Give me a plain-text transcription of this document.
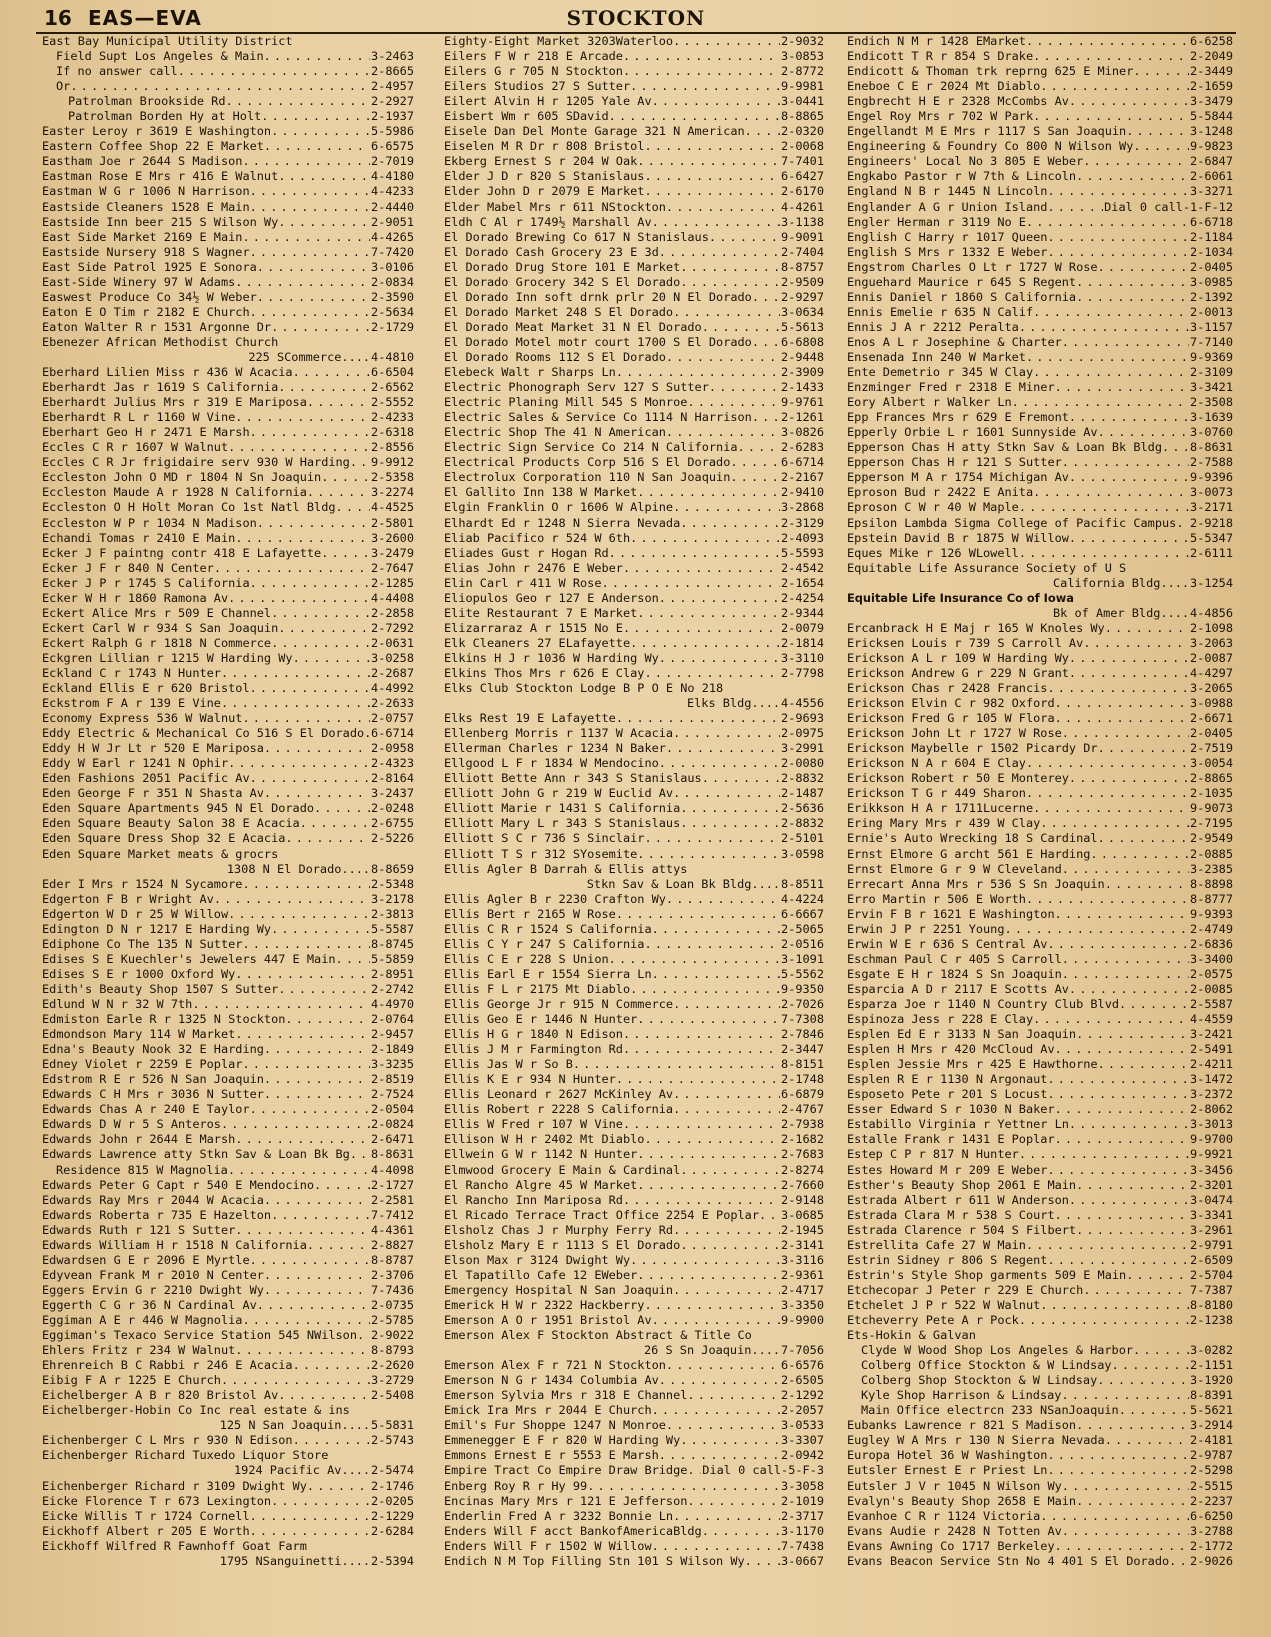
16 EAS—EVA	STOCKTON
East Bay Municipal Utility District
Field Supt Los Angeles & Main . . .	3-2463
If no answer call . . .	2-8665
Or . . .	2-4957
Patrolman Brookside Rd . . .	2-2927
Patrolman Borden Hy at Holt . . .	2-1937
Easter Leroy r 3619 E Washington . . .	5-5986
Eastern Coffee Shop 22 E Market . . .	6-6575
Eastham Joe r 2644 S Madison . . .	2-7019
Eastman Rose E Mrs r 416 E Walnut . . .	4-4180
Eastman W G r 1006 N Harrison . . .	4-4233
Eastside Cleaners 1528 E Main . . .	2-4440
Eastside Inn beer 215 S Wilson Wy . . .	2-9051
East Side Market 2169 E Main . . .	4-4265
Eastside Nursery 918 S Wagner . . .	7-7420
East Side Patrol 1925 E Sonora . . .	3-0106
East-Side Winery 97 W Adams . . .	2-0834
Easwest Produce Co 34½ W Weber . . .	2-3590
Eaton E O Tim r 2182 E Church . . .	2-5634
Eaton Walter R r 1531 Argonne Dr . . .	2-1729
Ebenezer African Methodist Church
225 SCommerce .... 4-4810
Eberhard Lilien Miss r 436 W Acacia . . .	6-6504
Eberhardt Jas r 1619 S California . . .	2-6562
Eberhardt Julius Mrs r 319 E Mariposa . . .	2-5552
Eberhardt R L r 1160 W Vine . . .	2-4233
Eberhart Geo H r 2471 E Marsh . . .	2-6318
Eccles C R r 1607 W Walnut . . .	2-8556
Eccles C R Jr frigidaire serv 930 W Harding . . . 9-9912
Eccleston John O MD r 1804 N Sn Joaquin . . .	2-5358
Eccleston Maude A r 1928 N California . . .	3-2274
Eccleston O H Holt Moran Co 1st Natl Bldg . . .	4-4525
Eccleston W P r 1034 N Madison . . .	2-5801
Echandi Tomas r 2410 E Main . . .	3-2600
Ecker J F paintng contr 418 E Lafayette . . .	3-2479
Ecker J F r 840 N Center . . .	2-7647
Ecker J P r 1745 S California . . .	2-1285
Ecker W H r 1860 Ramona Av . . .	4-4408
Eckert Alice Mrs r 509 E Channel . . .	2-2858
Eckert Carl W r 934 S San Joaquin . . .	2-7292
Eckert Ralph G r 1818 N Commerce . . .	2-0631
Eckgren Lillian r 1215 W Harding Wy . . .	3-0258
Eckland C r 1743 N Hunter . . .	2-2687
Eckland Ellis E r 620 Bristol . . .	4-4992
Eckstrom F A r 139 E Vine . . .	2-2633
Economy Express 536 W Walnut . . .	2-0757
Eddy Electric & Mechanical Co 516 S El Dorado . . . 6-6714
Eddy H W Jr Lt r 520 E Mariposa . . .	2-0958
Eddy W Earl r 1241 N Ophir . . .	2-4323
Eden Fashions 2051 Pacific Av . . .	2-8164
Eden George F r 351 N Shasta Av . . .	3-2437
Eden Square Apartments 945 N El Dorado . . .	2-0248
Eden Square Beauty Salon 38 E Acacia . . .	2-6755
Eden Square Dress Shop 32 E Acacia . . .	2-5226
Eden Square Market meats & grocrs
1308 N El Dorado .... 8-8659
Eder I Mrs r 1524 N Sycamore . . .	2-5348
Edgerton F B r Wright Av . . .	3-2178
Edgerton W D r 25 W Willow . . .	2-3813
Edington D N r 1217 E Harding Wy . . .	5-5587
Ediphone Co The 135 N Sutter . . .	8-8745
Edises S E Kuechler's Jewelers 447 E Main . . .	5-5859
Edises S E r 1000 Oxford Wy . . .	2-8951
Edith's Beauty Shop 1507 S Sutter . . .	2-2742
Edlund W N r 32 W 7th . . .	4-4970
Edmiston Earle R r 1325 N Stockton . . .	2-0764
Edmondson Mary 114 W Market . . .	2-9457
Edna's Beauty Nook 32 E Harding . . .	2-1849
Edney Violet r 2259 E Poplar . . .	3-3235
Edstrom R E r 526 N San Joaquin . . .	2-8519
Edwards C H Mrs r 3036 N Sutter . . .	2-7524
Edwards Chas A r 240 E Taylor . . .	2-0504
Edwards D W r 5 S Anteros . . .	2-0824
Edwards John r 2644 E Marsh . . .	2-6471
Edwards Lawrence atty Stkn Sav & Loan Bk Bg . . . 8-8631
Residence 815 W Magnolia . . .	4-4098
Edwards Peter G Capt r 540 E Mendocino . . .	2-1727
Edwards Ray Mrs r 2044 W Acacia . . .	2-2581
Edwards Roberta r 735 E Hazelton . . .	7-7412
Edwards Ruth r 121 S Sutter . . .	4-4361
Edwards William H r 1518 N California . . .	2-8827
Edwardsen G E r 2096 E Myrtle . . .	8-8787
Edyvean Frank M r 2010 N Center . . .	2-3706
Eggers Ervin G r 2210 Dwight Wy . . .	7-7436
Eggerth C G r 36 N Cardinal Av . . .	2-0735
Eggiman A E r 446 W Magnolia . . .	2-5785
Eggiman's Texaco Service Station 545 NWilson . . . 2-9022
Ehlers Fritz r 234 W Walnut . . .	8-8793
Ehrenreich B C Rabbi r 246 E Acacia . . .	2-2620
Eibig F A r 1225 E Church . . .	3-2729
Eichelberger A B r 820 Bristol Av . . .	2-5408
Eichelberger-Hobin Co Inc real estate & ins
125 N San Joaquin .... 5-5831
Eichenberger C L Mrs r 930 N Edison . . .	2-5743
Eichenberger Richard Tuxedo Liquor Store
1924 Pacific Av .... 2-5474
Eichenberger Richard r 3109 Dwight Wy . . .	2-1746
Eicke Florence T r 673 Lexington . . .	2-0205
Eicke Willis T r 1724 Cornell . . .	2-1229
Eickhoff Albert r 205 E Worth . . .	2-6284
Eickhoff Wilfred R Fawnhoff Goat Farm
1795 NSanguinetti .... 2-5394
Eighty-Eight Market 3203Waterloo . . .	2-9032
Eilers F W r 218 E Arcade . . .	3-0853
Eilers G r 705 N Stockton . . .	2-8772
Eilers Studios 27 S Sutter . . .	9-9981
Eilert Alvin H r 1205 Yale Av . . .	3-0441
Eisbert Wm r 605 SDavid . . .	8-8865
Eisele Dan Del Monte Garage 321 N American . . .	2-0320
Eiselen M R Dr r 808 Bristol . . .	2-0068
Ekberg Ernest S r 204 W Oak . . .	7-7401
Elder J D r 820 S Stanislaus . . .	6-6427
Elder John D r 2079 E Market . . .	2-6170
Elder Mabel Mrs r 611 NStockton . . .	4-4261
Eldh C Al r 1749½ Marshall Av . . .	3-1138
El Dorado Brewing Co 617 N Stanislaus . . .	9-9091
El Dorado Cash Grocery 23 E 3d . . .	2-7404
El Dorado Drug Store 101 E Market . . .	8-8757
El Dorado Grocery 342 S El Dorado . . .	2-9509
El Dorado Inn soft drnk prlr 20 N El Dorado . . . 2-9297
El Dorado Market 248 S El Dorado . . .	3-0634
El Dorado Meat Market 31 N El Dorado . . .	5-5613
El Dorado Motel motr court 1700 S El Dorado . . . 6-6808
El Dorado Rooms 112 S El Dorado . . .	2-9448
Elebeck Walt r Sharps Ln . . .	2-3909
Electric Phonograph Serv 127 S Sutter . . .	2-1433
Electric Planing Mill 545 S Monroe . . .	9-9761
Electric Sales & Service Co 1114 N Harrison . . . 2-1261
Electric Shop The 41 N American . . .	3-0826
Electric Sign Service Co 214 N California . . .	2-6283
Electrical Products Corp 516 S El Dorado . . .	6-6714
Electrolux Corporation 110 N San Joaquin . . .	2-2167
El Gallito Inn 138 W Market . . .	2-9410
Elgin Franklin O r 1606 W Alpine . . .	3-2868
Elhardt Ed r 1248 N Sierra Nevada . . .	2-3129
Eliab Pacifico r 524 W 6th . . .	2-4093
Eliades Gust r Hogan Rd . . .	5-5593
Elias John r 2476 E Weber . . .	2-4542
Elin Carl r 411 W Rose . . .	2-1654
Eliopulos Geo r 127 E Anderson . . .	2-4254
Elite Restaurant 7 E Market . . .	2-9344
Elizarraraz A r 1515 No E . . .	2-0079
Elk Cleaners 27 ELafayette . . .	2-1814
Elkins H J r 1036 W Harding Wy . . .	3-3110
Elkins Thos Mrs r 626 E Clay . . .	2-7798
Elks Club Stockton Lodge B P O E No 218
Elks Bldg .... 4-4556
Elks Rest 19 E Lafayette . . .	2-9693
Ellenberg Morris r 1137 W Acacia . . .	2-0975
Ellerman Charles r 1234 N Baker . . .	3-2991
Ellgood L F r 1834 W Mendocino . . .	2-0080
Elliott Bette Ann r 343 S Stanislaus . . .	2-8832
Elliott John G r 219 W Euclid Av . . .	2-1487
Elliott Marie r 1431 S California . . .	2-5636
Elliott Mary L r 343 S Stanislaus . . .	2-8832
Elliott S C r 736 S Sinclair . . .	2-5101
Elliott T S r 312 SYosemite . . .	3-0598
Ellis Agler B Darrah & Ellis attys
Stkn Sav & Loan Bk Bldg .... 8-8511
Ellis Agler B r 2230 Crafton Wy . . .	4-4224
Ellis Bert r 2165 W Rose . . .	6-6667
Ellis C R r 1524 S California . . .	2-5065
Ellis C Y r 247 S California . . .	2-0516
Ellis C E r 228 S Union . . .	3-1091
Ellis Earl E r 1554 Sierra Ln . . .	5-5562
Ellis F L r 2175 Mt Diablo . . .	9-9350
Ellis George Jr r 915 N Commerce . . .	2-7026
Ellis Geo E r 1446 N Hunter . . .	7-7308
Ellis H G r 1840 N Edison . . .	2-7846
Ellis J M r Farmington Rd . . .	2-3447
Ellis Jas W r So B . . .	8-8151
Ellis K E r 934 N Hunter . . .	2-1748
Ellis Leonard r 2627 McKinley Av . . .	6-6879
Ellis Robert r 2228 S California . . .	2-4767
Ellis W Fred r 107 W Vine . . .	2-7938
Ellison W H r 2402 Mt Diablo . . .	2-1682
Ellwein G W r 1142 N Hunter . . .	2-7683
Elmwood Grocery E Main & Cardinal . . .	2-8274
El Rancho Algre 45 W Market . . .	2-7660
El Rancho Inn Mariposa Rd . . .	2-9148
El Ricado Terrace Tract Office 2254 E Poplar . . . 3-0685
Elsholz Chas J r Murphy Ferry Rd . . .	2-1945
Elsholz Mary E r 1113 S El Dorado . . .	2-3141
Elson Max r 3124 Dwight Wy . . .	3-3116
El Tapatillo Cafe 12 EWeber . . .	2-9361
Emergency Hospital N San Joaquin . . .	2-4717
Emerick H W r 2322 Hackberry . . .	3-3350
Emerson A O r 1951 Bristol Av . . .	9-9900
Emerson Alex F Stockton Abstract & Title Co
26 S Sn Joaquin .... 7-7056
Emerson Alex F r 721 N Stockton . . .	6-6576
Emerson N G r 1434 Columbia Av . . .	2-6505
Emerson Sylvia Mrs r 318 E Channel . . .	2-1292
Emick Ira Mrs r 2044 E Church . . .	2-2057
Emil's Fur Shoppe 1247 N Monroe . . .	3-0533
Emmenegger E F r 820 W Harding Wy . . .	3-3307
Emmons Ernest E r 5553 E Marsh . . .	2-0942
Empire Tract Co Empire Draw Bridge . . . Dial 0 call-5-F-3
Enberg Roy R r Hy 99 . . .	3-3058
Encinas Mary Mrs r 121 E Jefferson . . .	2-1019
Enderlin Fred A r 3232 Bonnie Ln . . .	2-3717
Enders Will F acct BankofAmericaBldg . . .	3-1170
Enders Will F r 1502 W Willow . . .	7-7438
Endich N M Top Filling Stn 101 S Wilson Wy . . .	3-0667
Endich N M r 1428 EMarket . . .	6-6258
Endicott T R r 854 S Drake . . .	2-2049
Endicott & Thoman trk reprng 625 E Miner . . .	2-3449
Eneboe C E r 2024 Mt Diablo . . .	2-1659
Engbrecht H E r 2328 McCombs Av . . .	3-3479
Engel Roy Mrs r 702 W Park . . .	5-5844
Engellandt M E Mrs r 1117 S San Joaquin . . .	3-1248
Engineering & Foundry Co 800 N Wilson Wy . . .	9-9823
Engineers' Local No 3 805 E Weber . . .	2-6847
Engkabo Pastor r W 7th & Lincoln . . .	2-6061
England N B r 1445 N Lincoln . . .	3-3271
Englander A G r Union Island . . .	Dial 0 call-1-F-12
Engler Herman r 3119 No E . . .	6-6718
English C Harry r 1017 Queen . . .	2-1184
English S Mrs r 1332 E Weber . . .	2-1034
Engstrom Charles O Lt r 1727 W Rose . . .	2-0405
Enguehard Maurice r 645 S Regent . . .	3-0985
Ennis Daniel r 1860 S California . . .	2-1392
Ennis Emelie r 635 N Calif . . .	2-0013
Ennis J A r 2212 Peralta . . .	3-1157
Enos A L r Josephine & Charter . . .	7-7140
Ensenada Inn 240 W Market . . .	9-9369
Ente Demetrio r 345 W Clay . . .	2-3109
Enzminger Fred r 2318 E Miner . . .	3-3421
Eory Albert r Walker Ln . . .	2-3508
Epp Frances Mrs r 629 E Fremont . . .	3-1639
Epperly Orbie L r 1601 Sunnyside Av . . .	3-0760
Epperson Chas H atty Stkn Sav & Loan Bk Bldg . . . 8-8631
Epperson Chas H r 121 S Sutter . . .	2-7588
Epperson M A r 1754 Michigan Av . . .	9-9396
Eproson Bud r 2422 E Anita . . .	3-0073
Eproson C W r 40 W Maple . . .	3-2171
Epsilon Lambda Sigma College of Pacific Campus . . . 2-9218
Epstein David B r 1875 W Willow . . .	5-5347
Eques Mike r 126 WLowell . . .	2-6111
Equitable Life Assurance Society of U S
California Bldg .... 3-1254
Equitable Life Insurance Co of Iowa
Bk of Amer Bldg .... 4-4856
Ercanbrack H E Maj r 165 W Knoles Wy . . .	2-1098
Ericksen Louis r 739 S Carroll Av . . .	3-2063
Erickson A L r 109 W Harding Wy . . .	2-0087
Erickson Andrew G r 229 N Grant . . .	4-4297
Erickson Chas r 2428 Francis . . .	3-2065
Erickson Elvin C r 982 Oxford . . .	3-0988
Erickson Fred G r 105 W Flora . . .	2-6671
Erickson John Lt r 1727 W Rose . . .	2-0405
Erickson Maybelle r 1502 Picardy Dr . . .	2-7519
Erickson N A r 604 E Clay . . .	3-0054
Erickson Robert r 50 E Monterey . . .	2-8865
Erickson T G r 449 Sharon . . .	2-1035
Erikkson H A r 1711Lucerne . . .	9-9073
Ering Mary Mrs r 439 W Clay . . .	2-7195
Ernie's Auto Wrecking 18 S Cardinal . . .	2-9549
Ernst Elmore G archt 561 E Harding . . .	2-0885
Ernst Elmore G r 9 W Cleveland . . .	3-2385
Errecart Anna Mrs r 536 S Sn Joaquin . . .	8-8898
Erro Martin r 506 E Worth . . .	8-8777
Ervin F B r 1621 E Washington . . .	9-9393
Erwin J P r 2251 Young . . .	2-4749
Erwin W E r 636 S Central Av . . .	2-6836
Eschman Paul C r 405 S Carroll . . .	3-3400
Esgate E H r 1824 S Sn Joaquin . . .	2-0575
Esparcia A D r 2117 E Scotts Av . . .	2-0085
Esparza Joe r 1140 N Country Club Blvd . . .	2-5587
Espinoza Jess r 228 E Clay . . .	4-4559
Esplen Ed E r 3133 N San Joaquin . . .	3-2421
Esplen H Mrs r 420 McCloud Av . . .	2-5491
Esplen Jessie Mrs r 425 E Hawthorne . . .	2-4211
Esplen R E r 1130 N Argonaut . . .	3-1472
Esposeto Pete r 201 S Locust . . .	3-2372
Esser Edward S r 1030 N Baker . . .	2-8062
Estabillo Virginia r Yettner Ln . . .	3-3013
Estalle Frank r 1431 E Poplar . . .	9-9700
Estep C P r 817 N Hunter . . .	9-9921
Estes Howard M r 209 E Weber . . .	3-3456
Esther's Beauty Shop 2061 E Main . . .	2-3201
Estrada Albert r 611 W Anderson . . .	3-0474
Estrada Clara M r 538 S Court . . .	3-3341
Estrada Clarence r 504 S Filbert . . .	3-2961
Estrellita Cafe 27 W Main . . .	2-9791
Estrin Sidney r 806 S Regent . . .	2-6509
Estrin's Style Shop garments 509 E Main . . .	2-5704
Etchecopar J Peter r 229 E Church . . .	7-7387
Etchelet J P r 522 W Walnut . . .	8-8180
Etcheverry Pete A r Pock . . .	2-1238
Ets-Hokin & Galvan
Clyde W Wood Shop Los Angeles & Harbor . . .	3-0282
Colberg Office Stockton & W Lindsay . . .	2-1151
Colberg Shop Stockton & W Lindsay . . .	3-1920
Kyle Shop Harrison & Lindsay . . .	8-8391
Main Office electrcn 233 NSanJoaquin . . .	5-5621
Eubanks Lawrence r 821 S Madison . . .	3-2914
Eugley W A Mrs r 130 N Sierra Nevada . . .	2-4181
Europa Hotel 36 W Washington . . .	2-9787
Eutsler Ernest E r Priest Ln . . .	2-5298
Eutsler J V r 1045 N Wilson Wy . . .	2-5515
Evalyn's Beauty Shop 2658 E Main . . .	2-2237
Evanhoe C R r 1124 Victoria . . .	6-6250
Evans Audie r 2428 N Totten Av . . .	3-2788
Evans Awning Co 1717 Berkeley . . .	2-1772
Evans Beacon Service Stn No 4 401 S El Dorado . . . 2-9026
